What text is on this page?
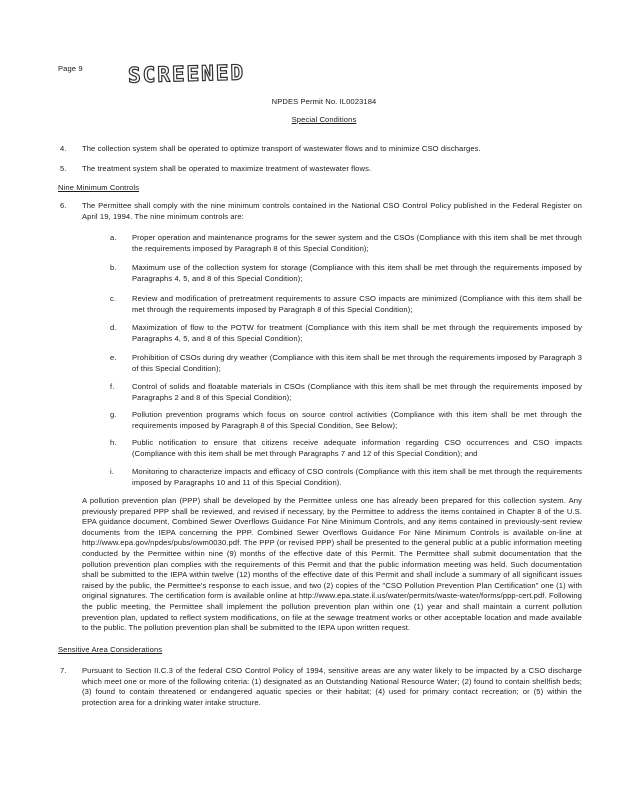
Page 9 SCREENED
NPDES Permit No. IL0023184
Special Conditions
4.	The collection system shall be operated to optimize transport of wastewater flows and to minimize CSO discharges.
5.	The treatment system shall be operated to maximize treatment of wastewater flows.
Nine Minimum Controls
6.	The Permittee shall comply with the nine minimum controls contained in the National CSO Control Policy published in the Federal Register on April 19, 1994. The nine minimum controls are:
a.	Proper operation and maintenance programs for the sewer system and the CSOs (Compliance with this item shall be met through the requirements imposed by Paragraph 8 of this Special Condition);
b.	Maximum use of the collection system for storage (Compliance with this item shall be met through the requirements imposed by Paragraphs 4, 5, and 8 of this Special Condition);
c.	Review and modification of pretreatment requirements to assure CSO impacts are minimized (Compliance with this item shall be met through the requirements imposed by Paragraph 8 of this Special Condition);
d.	Maximization of flow to the POTW for treatment (Compliance with this item shall be met through the requirements imposed by Paragraphs 4, 5, and 8 of this Special Condition);
e.	Prohibition of CSOs during dry weather (Compliance with this item shall be met through the requirements imposed by Paragraph 3 of this Special Condition);
f.	Control of solids and floatable materials in CSOs (Compliance with this item shall be met through the requirements imposed by Paragraphs 2 and 8 of this Special Condition);
g.	Pollution prevention programs which focus on source control activities (Compliance with this item shall be met through the requirements imposed by Paragraph 8 of this Special Condition, See Below);
h.	Public notification to ensure that citizens receive adequate information regarding CSO occurrences and CSO impacts (Compliance with this item shall be met through Paragraphs 7 and 12 of this Special Condition); and
i.	Monitoring to characterize impacts and efficacy of CSO controls (Compliance with this item shall be met through the requirements imposed by Paragraphs 10 and 11 of this Special Condition).
A pollution prevention plan (PPP) shall be developed by the Permittee unless one has already been prepared for this collection system. Any previously prepared PPP shall be reviewed, and revised if necessary, by the Permittee to address the items contained in Chapter 8 of the U.S. EPA guidance document, Combined Sewer Overflows Guidance For Nine Minimum Controls, and any items contained in previously-sent review documents from the IEPA concerning the PPP. Combined Sewer Overflows Guidance For Nine Minimum Controls is available on-line at http://www.epa.gov/npdes/pubs/owm0030.pdf. The PPP (or revised PPP) shall be presented to the general public at a public information meeting conducted by the Permittee within nine (9) months of the effective date of this Permit. The Permittee shall submit documentation that the pollution prevention plan complies with the requirements of this Permit and that the public information meeting was held. Such documentation shall be submitted to the IEPA within twelve (12) months of the effective date of this Permit and shall include a summary of all significant issues raised by the public, the Permittee's response to each issue, and two (2) copies of the "CSO Pollution Prevention Plan Certification" one (1) with original signatures. The certification form is available online at http://www.epa.state.il.us/water/permits/waste-water/forms/ppp-cert.pdf. Following the public meeting, the Permittee shall implement the pollution prevention plan within one (1) year and shall maintain a current pollution prevention plan, updated to reflect system modifications, on file at the sewage treatment works or other acceptable location and made available to the public. The pollution prevention plan shall be submitted to the IEPA upon written request.
Sensitive Area Considerations
7.	Pursuant to Section II.C.3 of the federal CSO Control Policy of 1994, sensitive areas are any water likely to be impacted by a CSO discharge which meet one or more of the following criteria: (1) designated as an Outstanding National Resource Water; (2) found to contain shellfish beds; (3) found to contain threatened or endangered aquatic species or their habitat; (4) used for primary contact recreation; or (5) within the protection area for a drinking water intake structure.
